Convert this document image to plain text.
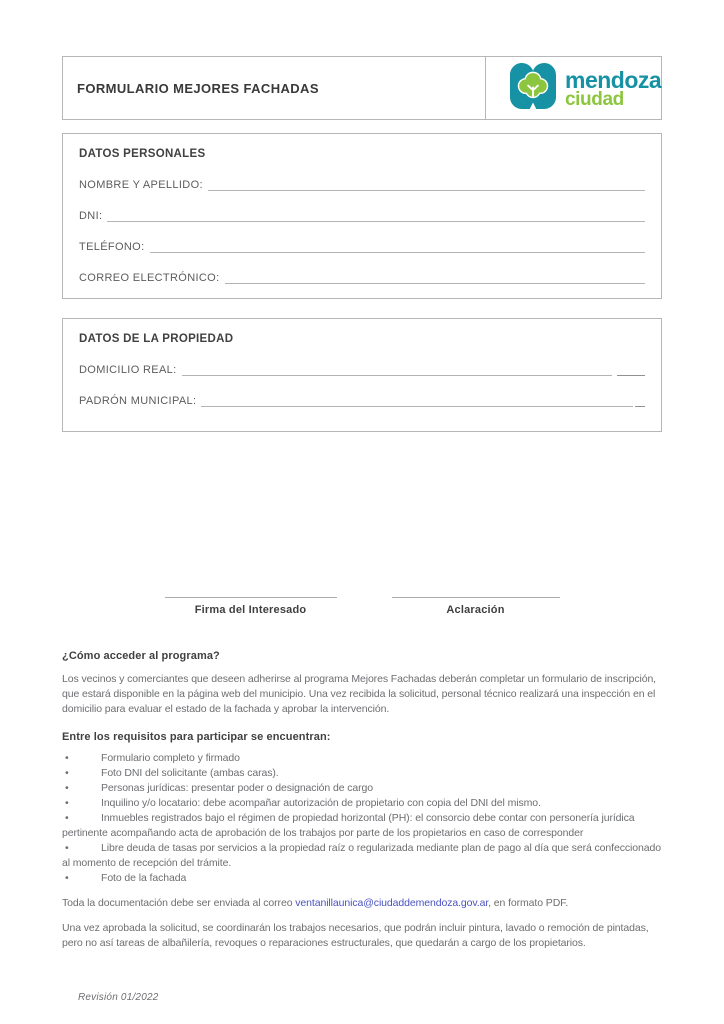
FORMULARIO MEJORES FACHADAS	mendoza
ciudad
DATOS PERSONALES
NOMBRE Y APELLIDO:
DNI:
TELÉFONO:
CORREO ELECTRÓNICO:
DATOS DE LA PROPIEDAD
DOMICILIO REAL:
PADRÓN MUNICIPAL:
Firma del Interesado	Aclaración
¿Cómo acceder al programa?
Los vecinos y comerciantes que deseen adherirse al programa Mejores Fachadas deberán completar un formulario de inscripción, que estará disponible en la página web del municipio. Una vez recibida la solicitud, personal técnico realizará una inspección en el domicilio para evaluar el estado de la fachada y aprobar la intervención.
Entre los requisitos para participar se encuentran:
•	Formulario completo y firmado
•	Foto DNI del solicitante (ambas caras).
•	Personas jurídicas: presentar poder o designación de cargo
•	Inquilino y/o locatario: debe acompañar autorización de propietario con copia del DNI del mismo.
•	Inmuebles registrados bajo el régimen de propiedad horizontal (PH): el consorcio debe contar con personería jurídica pertinente acompañando acta de aprobación de los trabajos por parte de los propietarios en caso de corresponder
•	Libre deuda de tasas por servicios a la propiedad raíz o regularizada mediante plan de pago al día que será confeccionado al momento de recepción del trámite.
•	Foto de la fachada
Toda la documentación debe ser enviada al correo ventanillaunica@ciudaddemendoza.gov.ar, en formato PDF.
Una vez aprobada la solicitud, se coordinarán los trabajos necesarios, que podrán incluir pintura, lavado o remoción de pintadas, pero no así tareas de albañilería, revoques o reparaciones estructurales, que quedarán a cargo de los propietarios.
Revisión 01/2022
